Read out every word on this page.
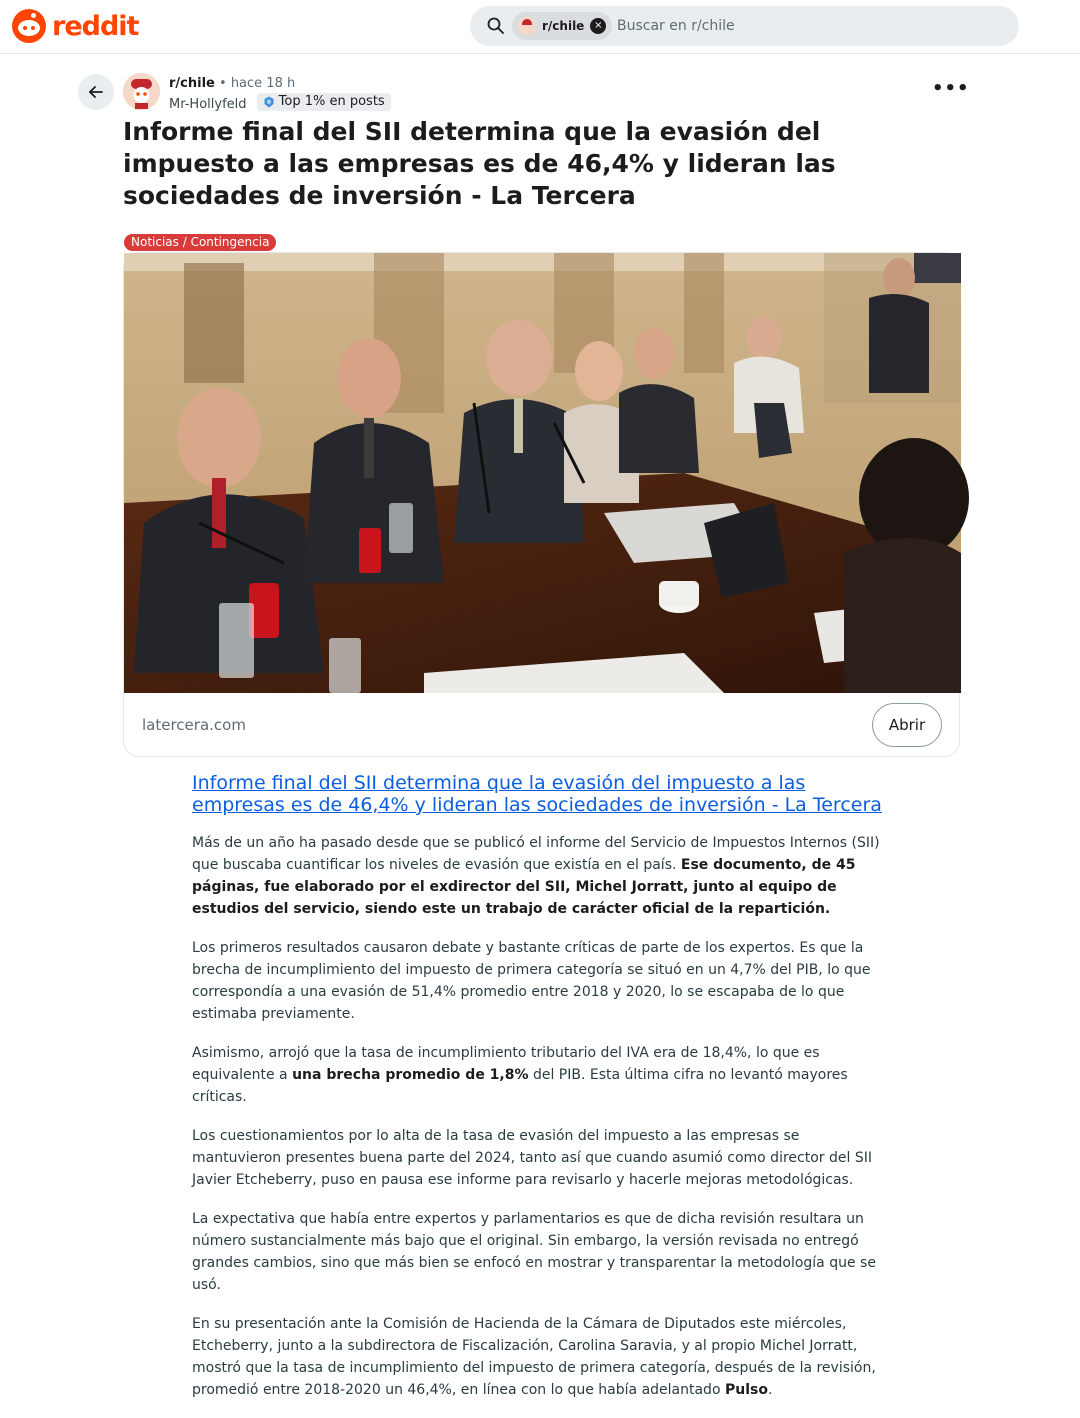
reddit	r/chile × Buscar en r/chile
r/chile • hace 18 h
Mr-Hollyfeld Top 1% en posts
•••
Informe final del SII determina que la evasión del impuesto a las empresas es de 46,4% y lideran las sociedades de inversión - La Tercera
Noticias / Contingencia
latercera.com	Abrir
Informe final del SII determina que la evasión del impuesto a las empresas es de 46,4% y lideran las sociedades de inversión - La Tercera

Más de un año ha pasado desde que se publicó el informe del Servicio de Impuestos Internos (SII) que buscaba cuantificar los niveles de evasión que existía en el país. Ese documento, de 45 páginas, fue elaborado por el exdirector del SII, Michel Jorratt, junto al equipo de estudios del servicio, siendo este un trabajo de carácter oficial de la repartición.

Los primeros resultados causaron debate y bastante críticas de parte de los expertos. Es que la brecha de incumplimiento del impuesto de primera categoría se situó en un 4,7% del PIB, lo que correspondía a una evasión de 51,4% promedio entre 2018 y 2020, lo se escapaba de lo que estimaba previamente.

Asimismo, arrojó que la tasa de incumplimiento tributario del IVA era de 18,4%, lo que es equivalente a una brecha promedio de 1,8% del PIB. Esta última cifra no levantó mayores críticas.

Los cuestionamientos por lo alta de la tasa de evasión del impuesto a las empresas se mantuvieron presentes buena parte del 2024, tanto así que cuando asumió como director del SII Javier Etcheberry, puso en pausa ese informe para revisarlo y hacerle mejoras metodológicas.

La expectativa que había entre expertos y parlamentarios es que de dicha revisión resultara un número sustancialmente más bajo que el original. Sin embargo, la versión revisada no entregó grandes cambios, sino que más bien se enfocó en mostrar y transparentar la metodología que se usó.

En su presentación ante la Comisión de Hacienda de la Cámara de Diputados este miércoles, Etcheberry, junto a la subdirectora de Fiscalización, Carolina Saravia, y al propio Michel Jorratt, mostró que la tasa de incumplimiento del impuesto de primera categoría, después de la revisión, promedió entre 2018-2020 un 46,4%, en línea con lo que había adelantado Pulso.
